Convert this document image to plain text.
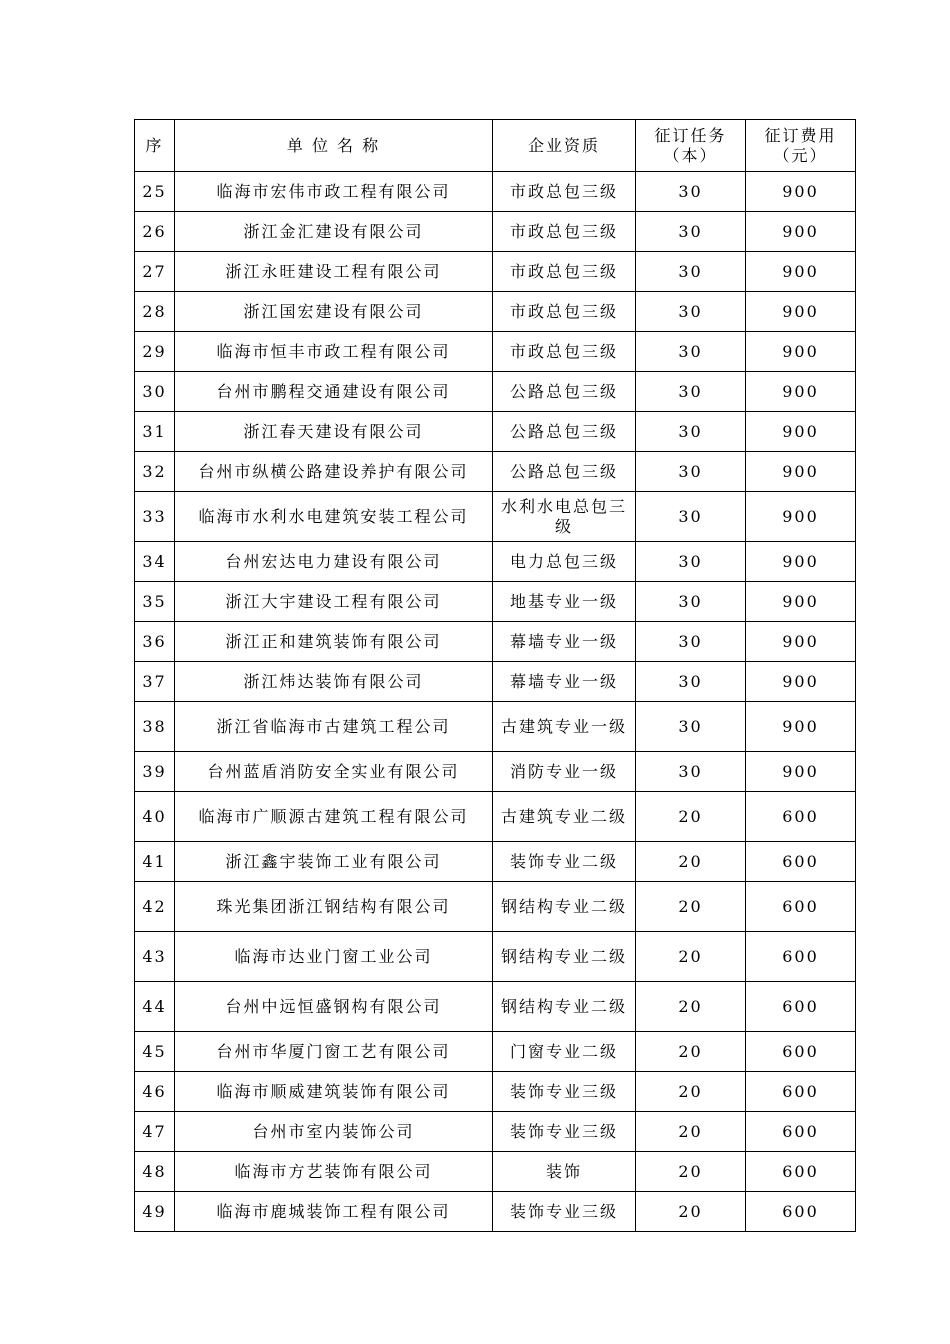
序	单 位 名 称	企业资质	征订任务（本）	征订费用（元）
25	临海市宏伟市政工程有限公司	市政总包三级	30	900
26	浙江金汇建设有限公司	市政总包三级	30	900
27	浙江永旺建设工程有限公司	市政总包三级	30	900
28	浙江国宏建设有限公司	市政总包三级	30	900
29	临海市恒丰市政工程有限公司	市政总包三级	30	900
30	台州市鹏程交通建设有限公司	公路总包三级	30	900
31	浙江春天建设有限公司	公路总包三级	30	900
32	台州市纵横公路建设养护有限公司	公路总包三级	30	900
33	临海市水利水电建筑安装工程公司	水利水电总包三级	30	900
34	台州宏达电力建设有限公司	电力总包三级	30	900
35	浙江大宇建设工程有限公司	地基专业一级	30	900
36	浙江正和建筑装饰有限公司	幕墙专业一级	30	900
37	浙江炜达装饰有限公司	幕墙专业一级	30	900
38	浙江省临海市古建筑工程公司	古建筑专业一级	30	900
39	台州蓝盾消防安全实业有限公司	消防专业一级	30	900
40	临海市广顺源古建筑工程有限公司	古建筑专业二级	20	600
41	浙江鑫宇装饰工业有限公司	装饰专业二级	20	600
42	珠光集团浙江钢结构有限公司	钢结构专业二级	20	600
43	临海市达业门窗工业公司	钢结构专业二级	20	600
44	台州中远恒盛钢构有限公司	钢结构专业二级	20	600
45	台州市华厦门窗工艺有限公司	门窗专业二级	20	600
46	临海市顺威建筑装饰有限公司	装饰专业三级	20	600
47	台州市室内装饰公司	装饰专业三级	20	600
48	临海市方艺装饰有限公司	装饰	20	600
49	临海市鹿城装饰工程有限公司	装饰专业三级	20	600
